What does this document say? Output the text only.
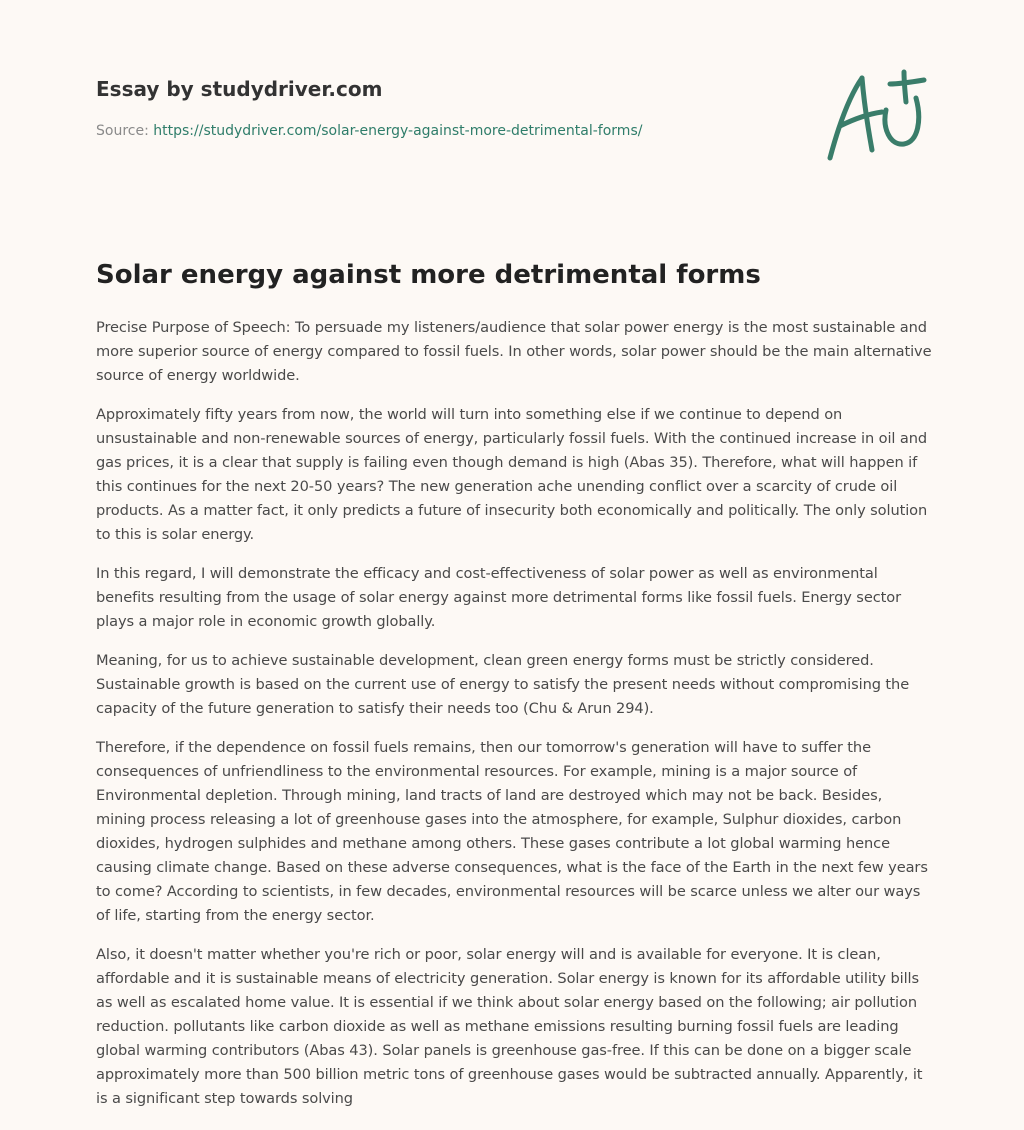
Essay by studydriver.com
Source: https://studydriver.com/solar-energy-against-more-detrimental-forms/
Solar energy against more detrimental forms

Precise Purpose of Speech: To persuade my listeners/audience that solar power energy is the most sustainable and more superior source of energy compared to fossil fuels. In other words, solar power should be the main alternative source of energy worldwide.

Approximately fifty years from now, the world will turn into something else if we continue to depend on unsustainable and non-renewable sources of energy, particularly fossil fuels. With the continued increase in oil and gas prices, it is a clear that supply is failing even though demand is high (Abas 35). Therefore, what will happen if this continues for the next 20-50 years? The new generation ache unending conflict over a scarcity of crude oil products. As a matter fact, it only predicts a future of insecurity both economically and politically. The only solution to this is solar energy.

In this regard, I will demonstrate the efficacy and cost-effectiveness of solar power as well as environmental benefits resulting from the usage of solar energy against more detrimental forms like fossil fuels. Energy sector plays a major role in economic growth globally.

Meaning, for us to achieve sustainable development, clean green energy forms must be strictly considered. Sustainable growth is based on the current use of energy to satisfy the present needs without compromising the capacity of the future generation to satisfy their needs too (Chu & Arun 294).

Therefore, if the dependence on fossil fuels remains, then our tomorrow's generation will have to suffer the consequences of unfriendliness to the environmental resources. For example, mining is a major source of Environmental depletion. Through mining, land tracts of land are destroyed which may not be back. Besides, mining process releasing a lot of greenhouse gases into the atmosphere, for example, Sulphur dioxides, carbon dioxides, hydrogen sulphides and methane among others. These gases contribute a lot global warming hence causing climate change. Based on these adverse consequences, what is the face of the Earth in the next few years to come? According to scientists, in few decades, environmental resources will be scarce unless we alter our ways of life, starting from the energy sector.

Also, it doesn't matter whether you're rich or poor, solar energy will and is available for everyone. It is clean, affordable and it is sustainable means of electricity generation. Solar energy is known for its affordable utility bills as well as escalated home value. It is essential if we think about solar energy based on the following; air pollution reduction. pollutants like carbon dioxide as well as methane emissions resulting burning fossil fuels are leading global warming contributors (Abas 43). Solar panels is greenhouse gas-free. If this can be done on a bigger scale approximately more than 500 billion metric tons of greenhouse gases would be subtracted annually. Apparently, it is a significant step towards solving
